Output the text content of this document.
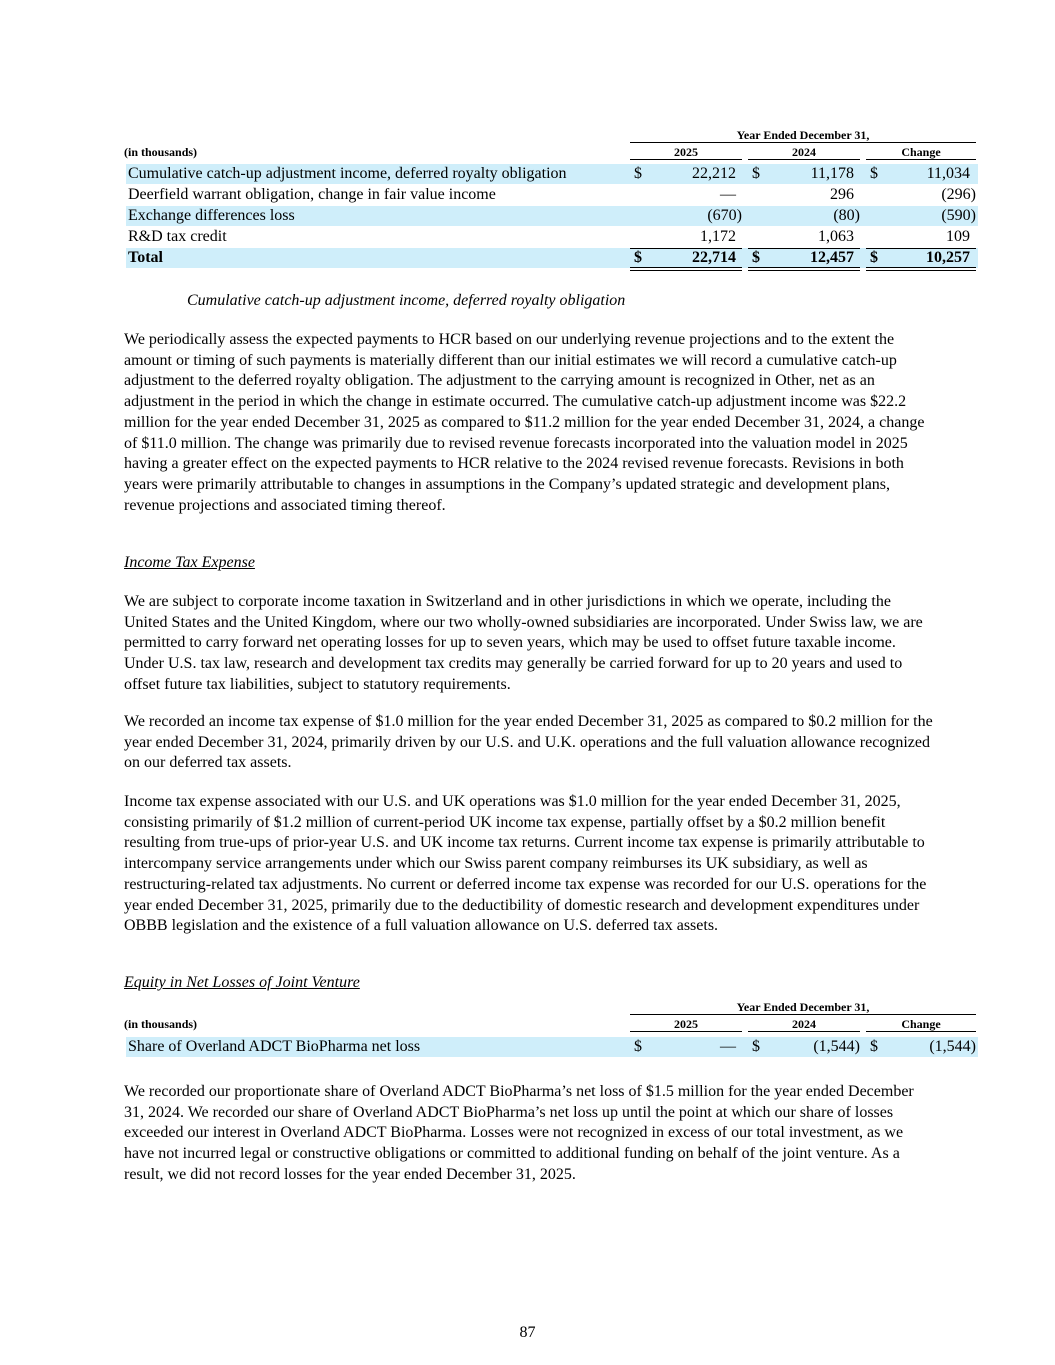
Year Ended December 31,
(in thousands)	2025	2024	Change
Cumulative catch-up adjustment income, deferred royalty obligation	$	22,212 $	11,178 $	11,034
Deerfield warrant obligation, change in fair value income	—	296	(296)
Exchange differences loss	(670)	(80)	(590)
R&D tax credit	1,172	1,063	109
Total	$	22,714 $	12,457 $	10,257
Cumulative catch-up adjustment income, deferred royalty obligation

We periodically assess the expected payments to HCR based on our underlying revenue projections and to the extent the amount or timing of such payments is materially different than our initial estimates we will record a cumulative catch-up adjustment to the deferred royalty obligation. The adjustment to the carrying amount is recognized in Other, net as an adjustment in the period in which the change in estimate occurred. The cumulative catch-up adjustment income was $22.2 million for the year ended December 31, 2025 as compared to $11.2 million for the year ended December 31, 2024, a change of $11.0 million. The change was primarily due to revised revenue forecasts incorporated into the valuation model in 2025 having a greater effect on the expected payments to HCR relative to the 2024 revised revenue forecasts. Revisions in both years were primarily attributable to changes in assumptions in the Company’s updated strategic and development plans, revenue projections and associated timing thereof.

Income Tax Expense

We are subject to corporate income taxation in Switzerland and in other jurisdictions in which we operate, including the United States and the United Kingdom, where our two wholly-owned subsidiaries are incorporated. Under Swiss law, we are permitted to carry forward net operating losses for up to seven years, which may be used to offset future taxable income. Under U.S. tax law, research and development tax credits may generally be carried forward for up to 20 years and used to offset future tax liabilities, subject to statutory requirements.

We recorded an income tax expense of $1.0 million for the year ended December 31, 2025 as compared to $0.2 million for the year ended December 31, 2024, primarily driven by our U.S. and U.K. operations and the full valuation allowance recognized on our deferred tax assets.

Income tax expense associated with our U.S. and UK operations was $1.0 million for the year ended December 31, 2025, consisting primarily of $1.2 million of current-period UK income tax expense, partially offset by a $0.2 million benefit resulting from true-ups of prior-year U.S. and UK income tax returns. Current income tax expense is primarily attributable to intercompany service arrangements under which our Swiss parent company reimburses its UK subsidiary, as well as restructuring-related tax adjustments. No current or deferred income tax expense was recorded for our U.S. operations for the year ended December 31, 2025, primarily due to the deductibility of domestic research and development expenditures under OBBB legislation and the existence of a full valuation allowance on U.S. deferred tax assets.

Equity in Net Losses of Joint Venture
Year Ended December 31,
(in thousands)	2025	2024	Change
Share of Overland ADCT BioPharma net loss	$	— $	(1,544) $	(1,544)

We recorded our proportionate share of Overland ADCT BioPharma’s net loss of $1.5 million for the year ended December 31, 2024. We recorded our share of Overland ADCT BioPharma’s net loss up until the point at which our share of losses exceeded our interest in Overland ADCT BioPharma. Losses were not recognized in excess of our total investment, as we have not incurred legal or constructive obligations or committed to additional funding on behalf of the joint venture. As a result, we did not record losses for the year ended December 31, 2025.

87
